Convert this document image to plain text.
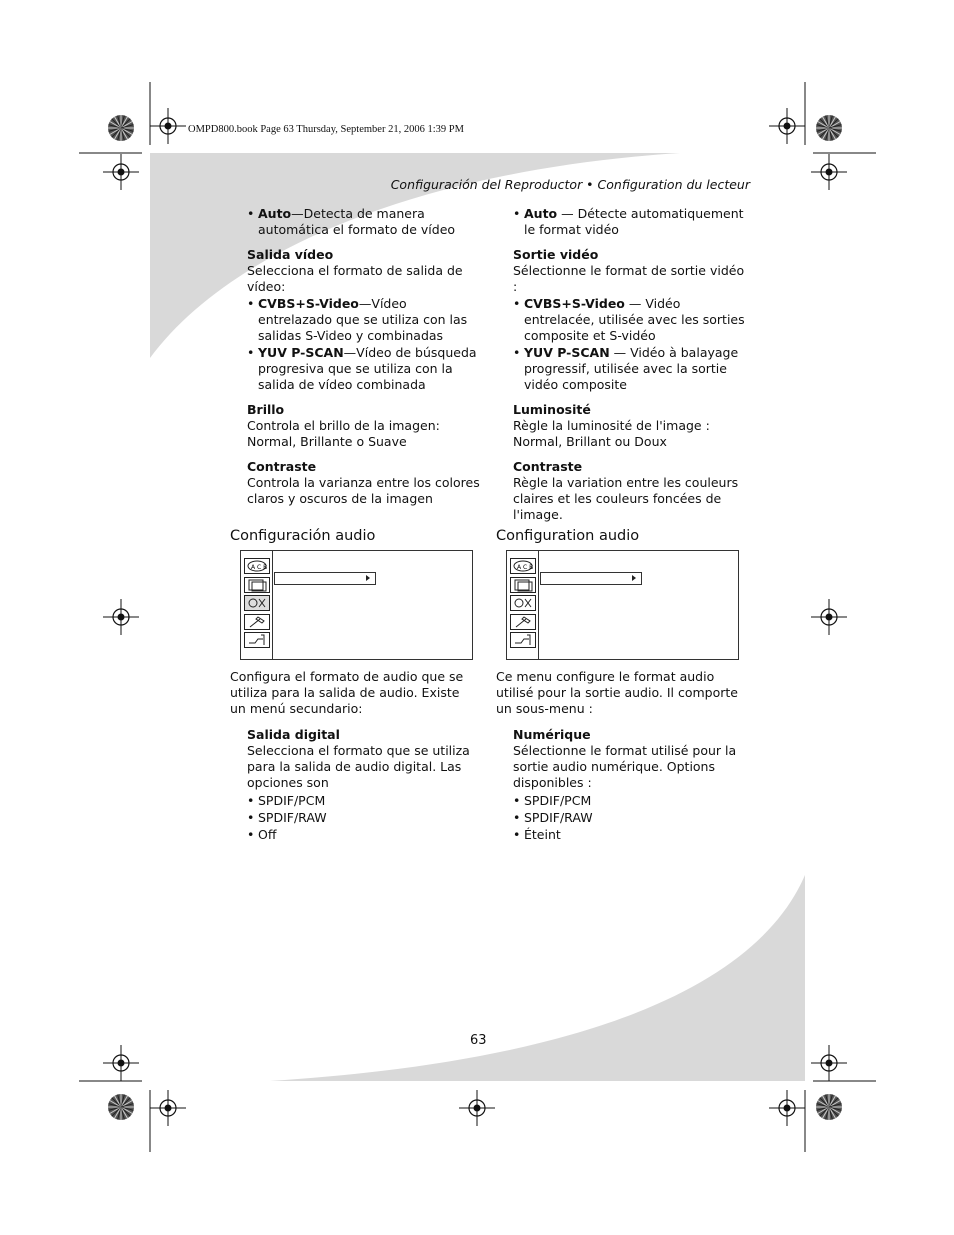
OMPD800.book Page 63 Thursday, September 21, 2006 1:39 PM
Configuración del Reproductor • Configuration du lecteur

• Auto—Detecta de manera automática el formato de vídeo

Salida vídeo

Selecciona el formato de salida de vídeo:

• CVBS+S-Video—Vídeo entrelazado que se utiliza con las salidas S-Video y combinadas

• YUV P-SCAN—Vídeo de búsqueda progresiva que se utiliza con la salida de vídeo combinada

Brillo

Controla el brillo de la imagen: Normal, Brillante o Suave

Contraste

Controla la varianza entre los colores claros y oscuros de la imagen

• Auto — Détecte automatiquement le format vidéo

Sortie vidéo

Sélectionne le format de sortie vidéo :

• CVBS+S-Video — Vidéo entrelacée, utilisée avec les sorties composite et S-vidéo

• YUV P-SCAN — Vidéo à balayage progressif, utilisée avec la sortie vidéo composite

Luminosité

Règle la luminosité de l'image : Normal, Brillant ou Doux

Contraste

Règle la variation entre les couleurs claires et les couleurs foncées de l'image.

Configuración audio	Configuration audio
A C B	A C B
Configura el formato de audio que se utiliza para la salida de audio. Existe un menú secundario:

Salida digital

Selecciona el formato que se utiliza para la salida de audio digital. Las opciones son

• SPDIF/PCM

• SPDIF/RAW

• Off

Ce menu configure le format audio utilisé pour la sortie audio. Il comporte un sous-menu :

Numérique

Sélectionne le format utilisé pour la sortie audio numérique. Options disponibles :

• SPDIF/PCM

• SPDIF/RAW

• Éteint

63
